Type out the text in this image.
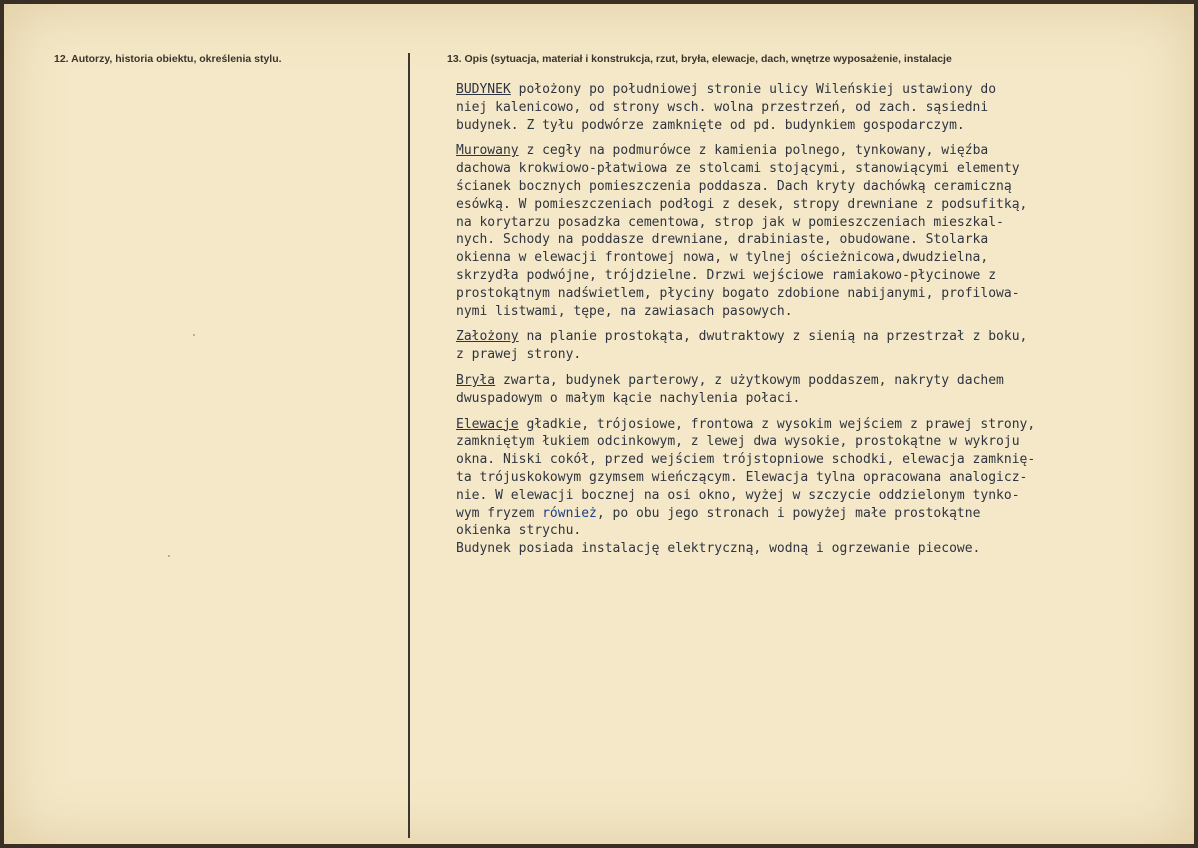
12. Autorzy, historia obiektu, określenia stylu.	13. Opis (sytuacja, materiał i konstrukcja, rzut, bryła, elewacje, dach, wnętrze wyposażenie, instalacje
BUDYNEK położony po południowej stronie ulicy Wileńskiej ustawiony do
niej kalenicowo, od strony wsch. wolna przestrzeń, od zach. sąsiedni
budynek. Z tyłu podwórze zamknięte od pd. budynkiem gospodarczym.
Murowany z cegły na podmurówce z kamienia polnego, tynkowany, więźba
dachowa krokwiowo-płatwiowa ze stolcami stojącymi, stanowiącymi elementy
ścianek bocznych pomieszczenia poddasza. Dach kryty dachówką ceramiczną
esówką. W pomieszczeniach podłogi z desek, stropy drewniane z podsufitką,
na korytarzu posadzka cementowa, strop jak w pomieszczeniach mieszkal-
nych. Schody na poddasze drewniane, drabiniaste, obudowane. Stolarka
okienna w elewacji frontowej nowa, w tylnej ościeżnicowa,dwudzielna,
skrzydła podwójne, trójdzielne. Drzwi wejściowe ramiakowo-płycinowe z
prostokątnym nadświetlem, płyciny bogato zdobione nabijanymi, profilowa-
nymi listwami, tępe, na zawiasach pasowych.
Założony na planie prostokąta, dwutraktowy z sienią na przestrzał z boku,
z prawej strony.
Bryła zwarta, budynek parterowy, z użytkowym poddaszem, nakryty dachem
dwuspadowym o małym kącie nachylenia połaci.
Elewacje gładkie, trójosiowe, frontowa z wysokim wejściem z prawej strony,
zamkniętym łukiem odcinkowym, z lewej dwa wysokie, prostokątne w wykroju
okna. Niski cokół, przed wejściem trójstopniowe schodki, elewacja zamknię-
ta trójuskokowym gzymsem wieńczącym. Elewacja tylna opracowana analogicz-
nie. W elewacji bocznej na osi okno, wyżej w szczycie oddzielonym tynko-
wym fryzem również, po obu jego stronach i powyżej małe prostokątne
okienka strychu.
Budynek posiada instalację elektryczną, wodną i ogrzewanie piecowe.
